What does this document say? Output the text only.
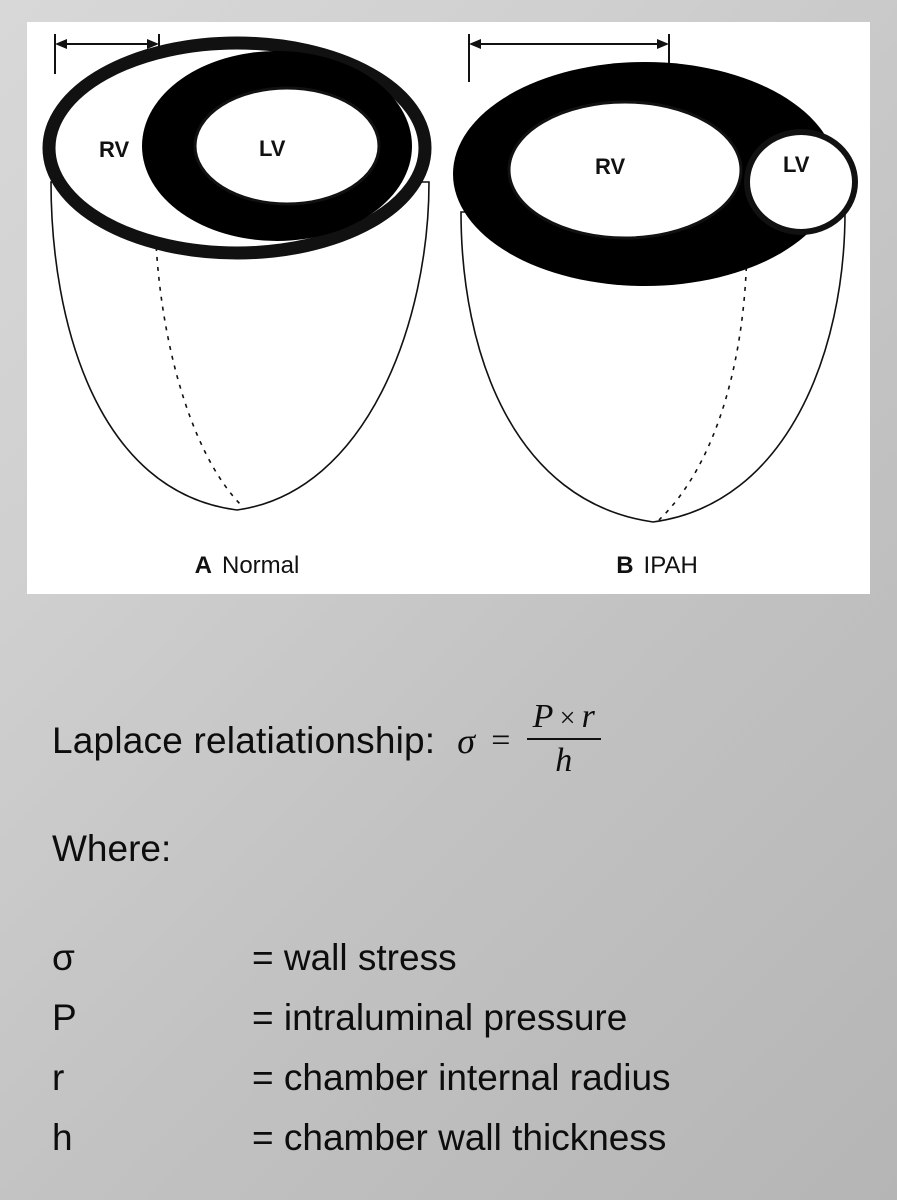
RV	LV
A Normal
RV	LV
B IPAH
Laplace relatiationship: $\sigma = \frac{P \times r}{h}$
Where:
σ	= wall stress
P	= intraluminal pressure
r	= chamber internal radius
h	= chamber wall thickness
